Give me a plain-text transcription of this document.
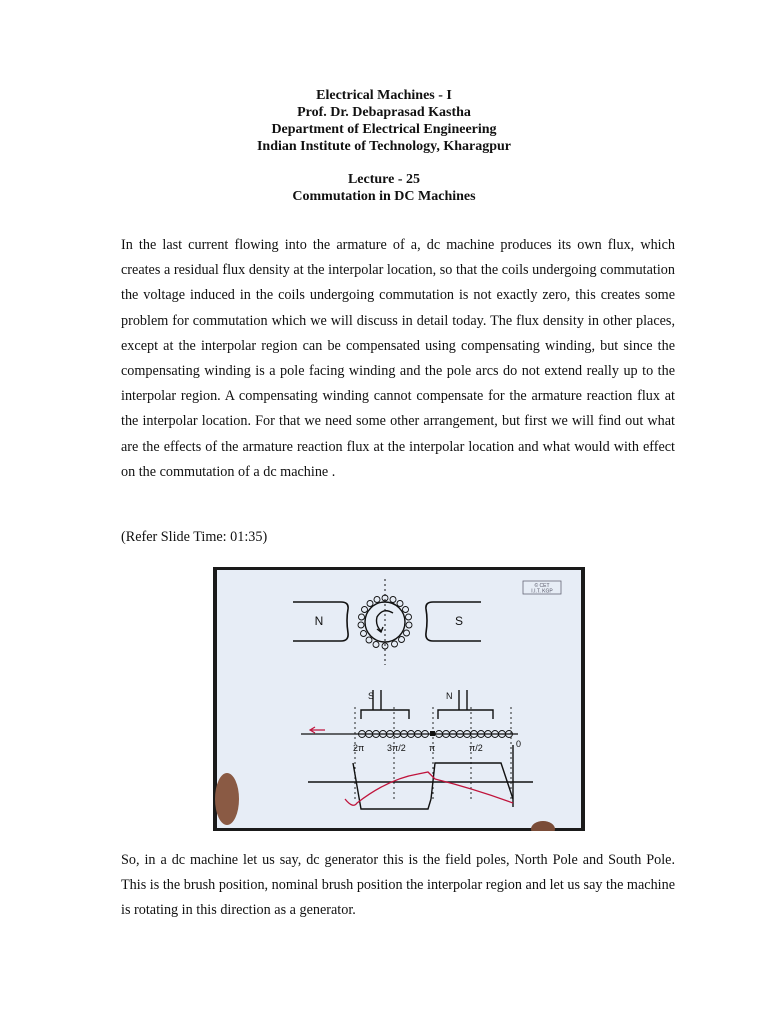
Electrical Machines - I
Prof. Dr. Debaprasad Kastha
Department of Electrical Engineering
Indian Institute of Technology, Kharagpur
Lecture - 25
Commutation in DC Machines

In the last current flowing into the armature of a, dc machine produces its own flux, which creates a residual flux density at the interpolar location, so that the coils undergoing commutation the voltage induced in the coils undergoing commutation is not exactly zero, this creates some problem for commutation which we will discuss in detail today. The flux density in other places, except at the interpolar region can be compensated using compensating winding, but since the compensating winding is a pole facing winding and the pole arcs do not extend really up to the interpolar region. A compensating winding cannot compensate for the armature reaction flux at the interpolar location. For that we need some other arrangement, but first we will find out what are the effects of the armature reaction flux at the interpolar location and what would with effect on the commutation of a dc machine .

(Refer Slide Time: 01:35)

© CET
I.I.T. KGP
N	S
S	N
2π	3π/2	π	π/2	0

So, in a dc machine let us say, dc generator this is the field poles, North Pole and South Pole. This is the brush position, nominal brush position the interpolar region and let us say the machine is rotating in this direction as a generator.
